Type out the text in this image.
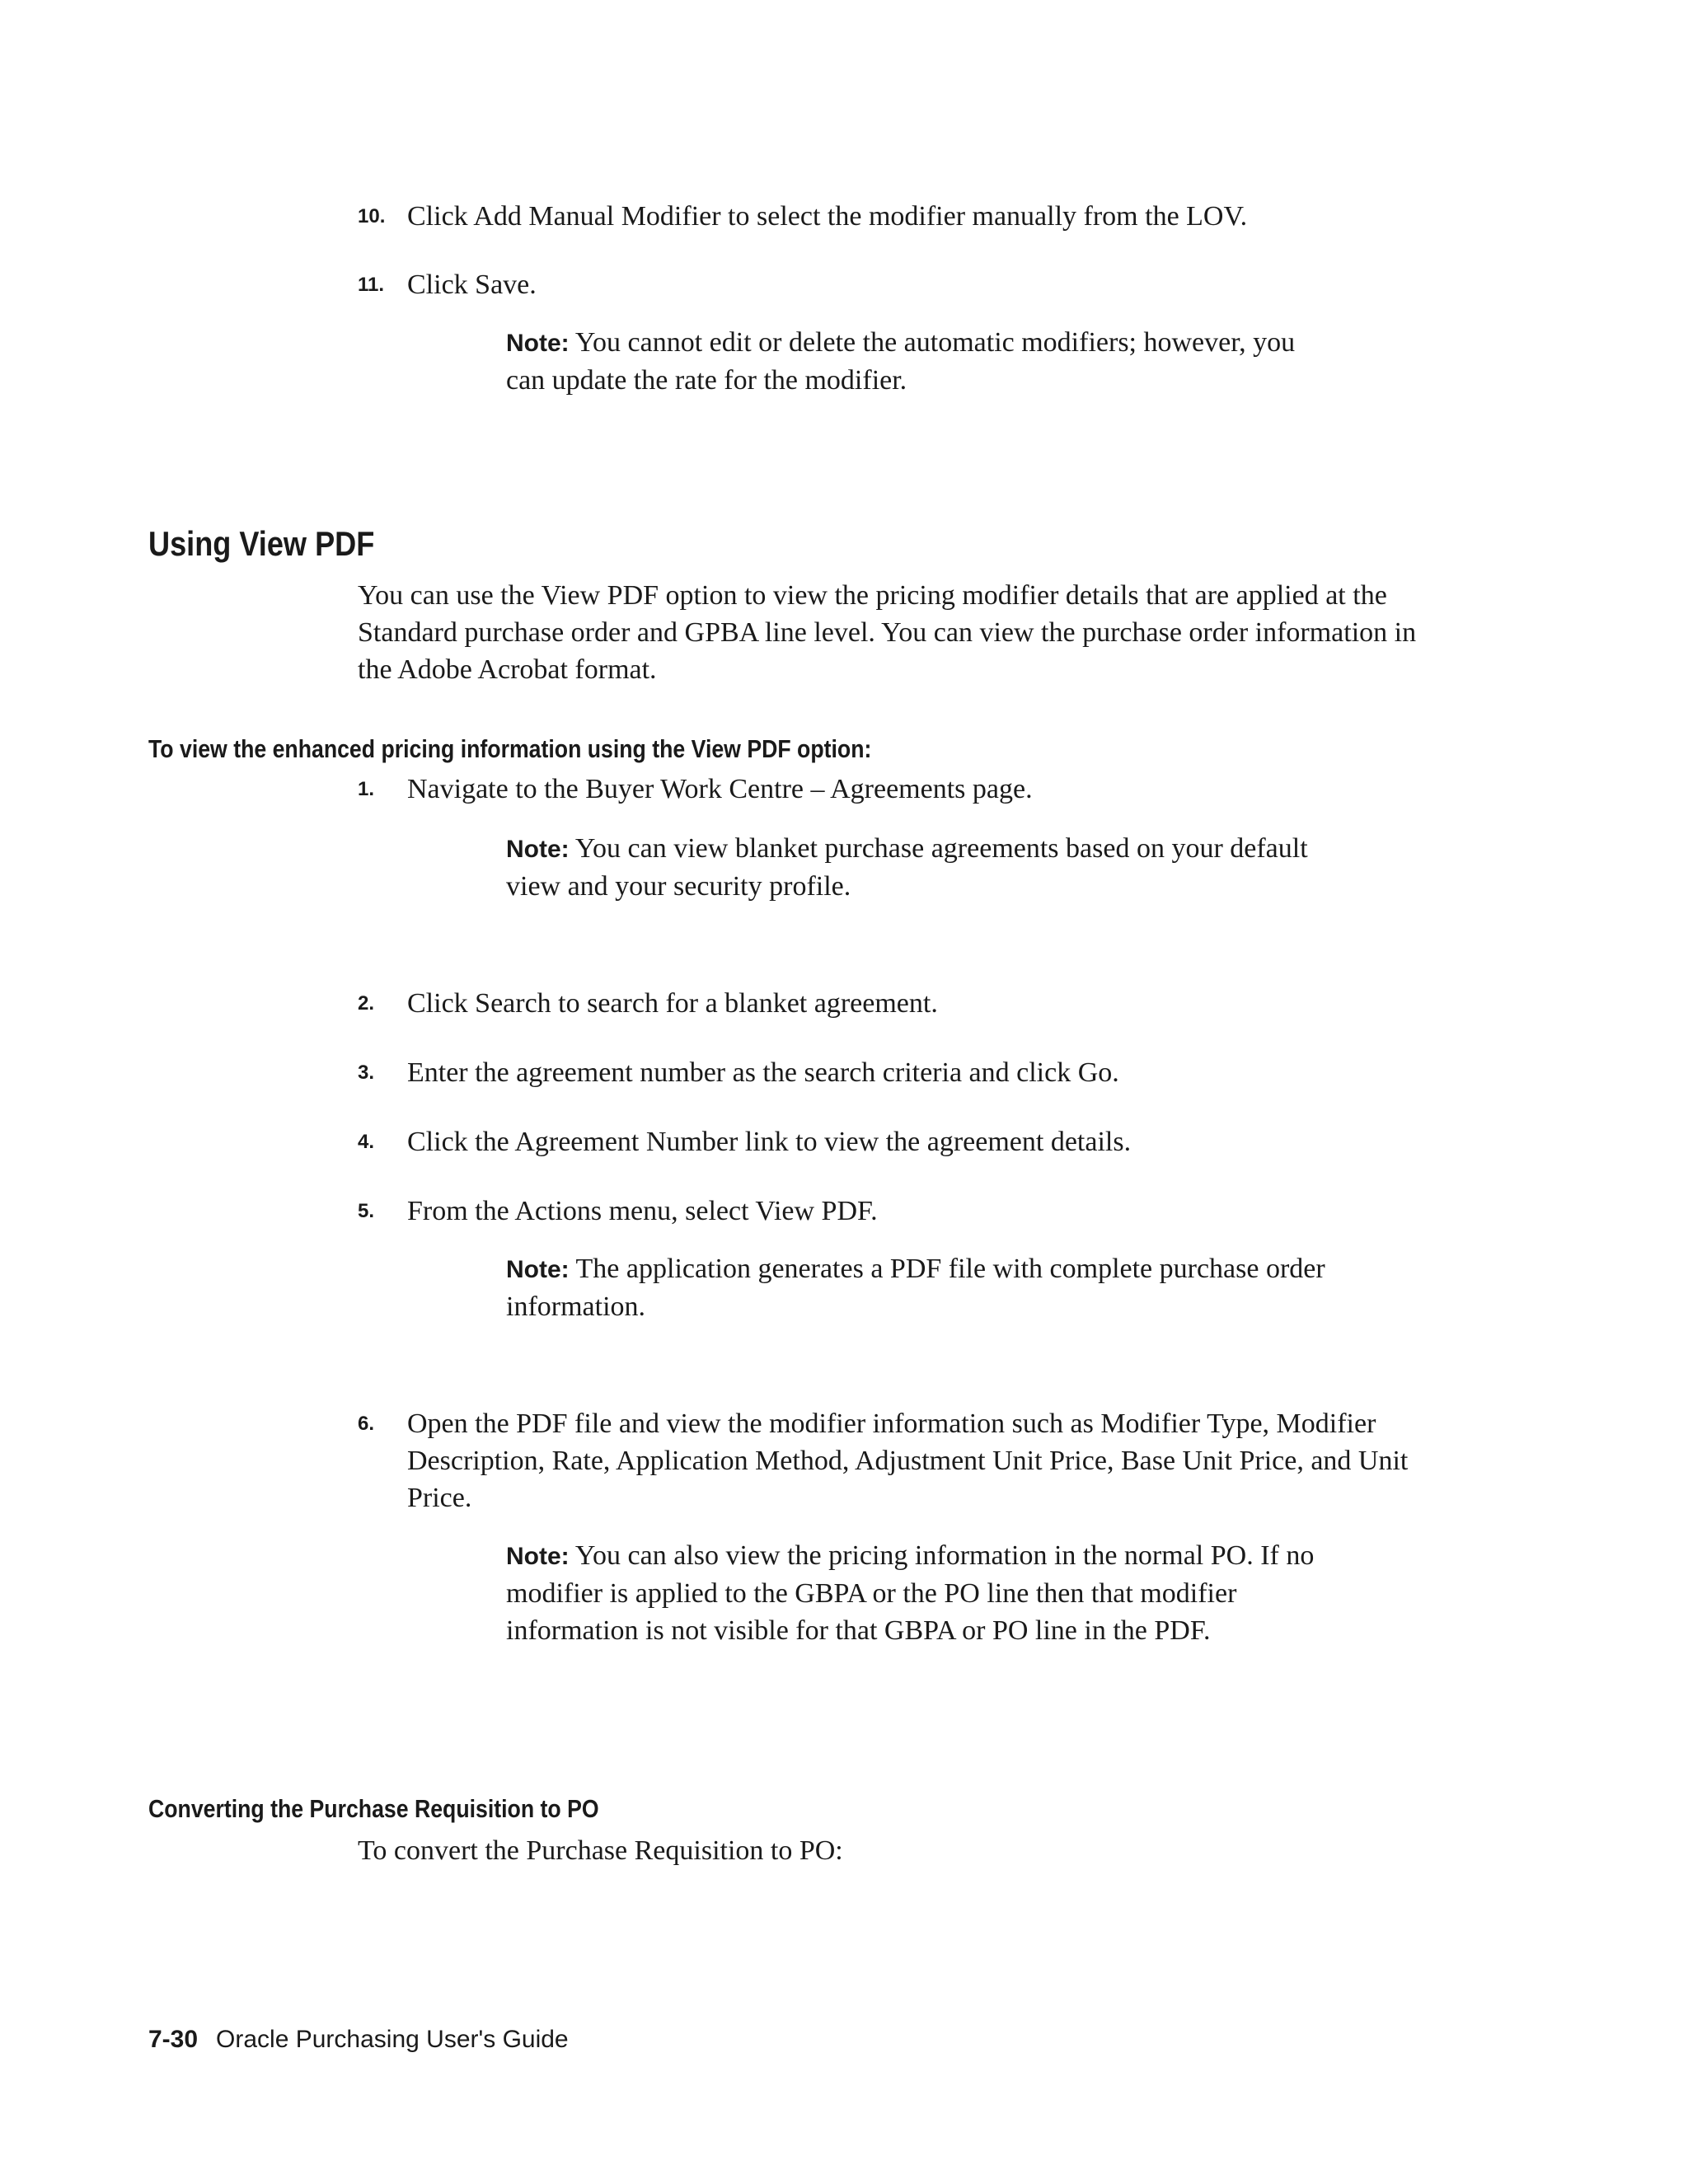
10. Click Add Manual Modifier to select the modifier manually from the LOV.
11. Click Save.
Note: You cannot edit or delete the automatic modifiers; however, you can update the rate for the modifier.
Using View PDF
You can use the View PDF option to view the pricing modifier details that are applied at the Standard purchase order and GPBA line level. You can view the purchase order information in the Adobe Acrobat format.
To view the enhanced pricing information using the View PDF option:
1. Navigate to the Buyer Work Centre – Agreements page.
Note: You can view blanket purchase agreements based on your default view and your security profile.
2. Click Search to search for a blanket agreement.
3. Enter the agreement number as the search criteria and click Go.
4. Click the Agreement Number link to view the agreement details.
5. From the Actions menu, select View PDF.
Note: The application generates a PDF file with complete purchase order information.
6. Open the PDF file and view the modifier information such as Modifier Type, Modifier Description, Rate, Application Method, Adjustment Unit Price, Base Unit Price, and Unit Price.
Note: You can also view the pricing information in the normal PO. If no modifier is applied to the GBPA or the PO line then that modifier information is not visible for that GBPA or PO line in the PDF.
Converting the Purchase Requisition to PO
To convert the Purchase Requisition to PO:
7-30 Oracle Purchasing User's Guide
